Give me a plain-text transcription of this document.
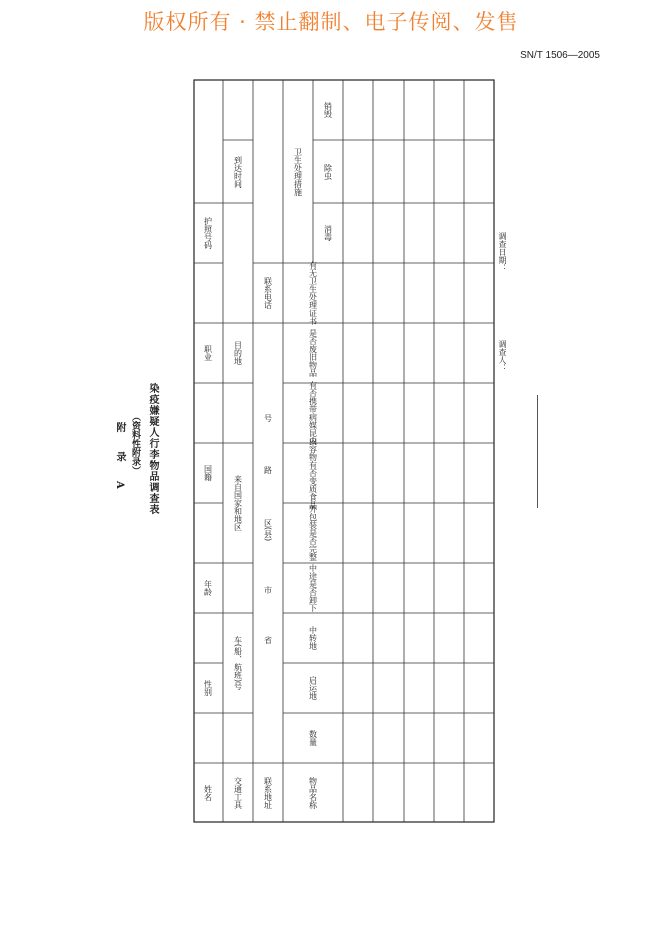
版权所有 · 禁止翻制、电子传阅、发售
SN/T 1506—2005
附 录 A （资料性附录） 染疫嫌疑人行李物品调查表
姓名
性别
年龄
国籍
职业
护照号码
交通工具
车(船、航班)号
来自国家和地区
目的地
到达时间
联系地址
省
市
区(县)
路
号
联系电话
物品名称
数量
启运地
中转地
中途是否卸下
外包装是否完整
内容物有否变质食品
有否携带病媒昆虫
是否废旧物品
有无卫生处理证书
卫生处理措施
消毒
除虫
销毁
调查人：
调查日期：
